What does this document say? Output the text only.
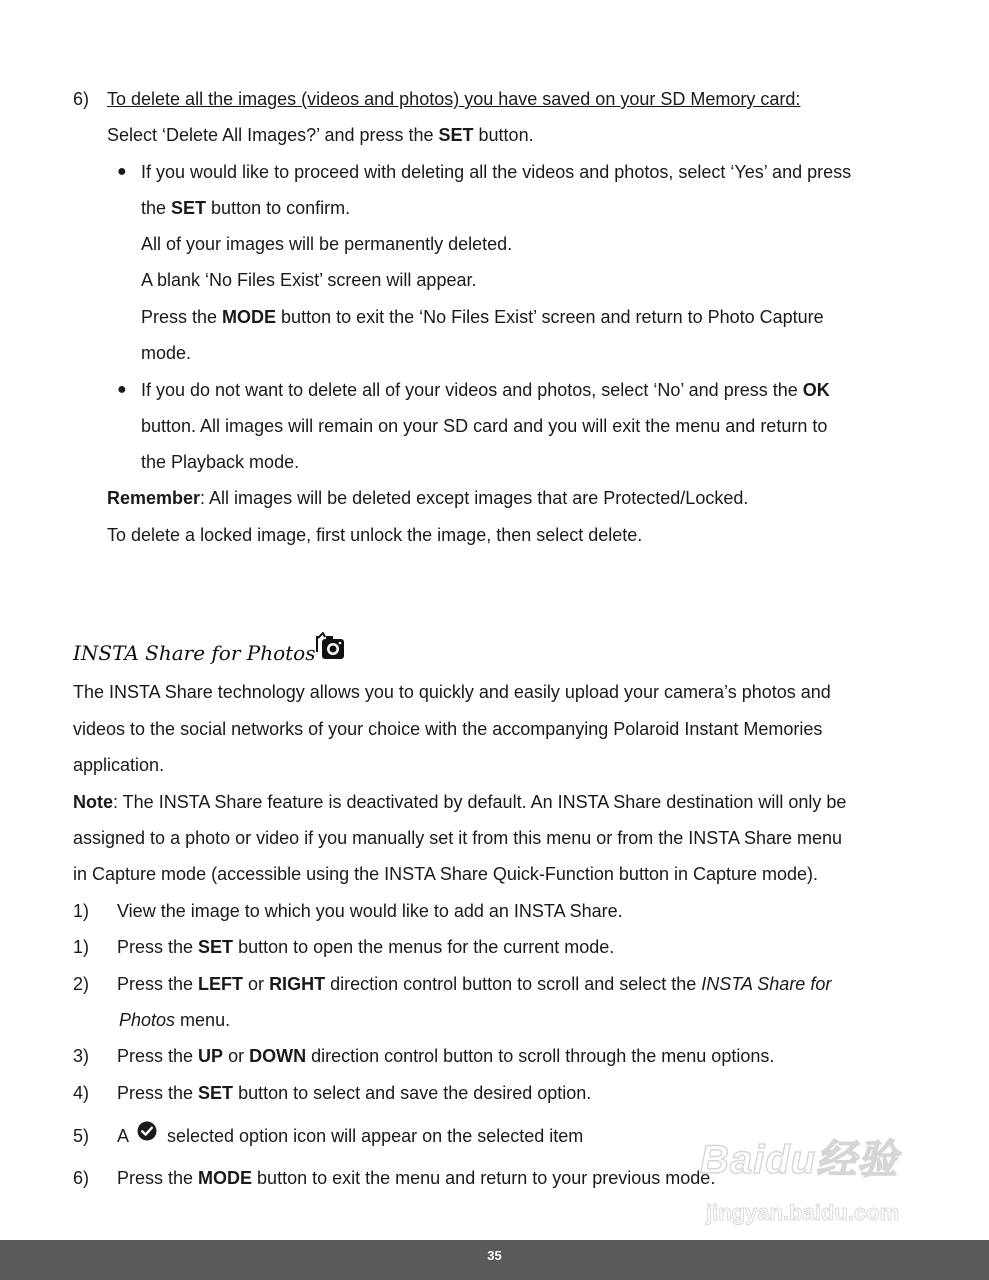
6) To delete all the images (videos and photos) you have saved on your SD Memory card:
Select ‘Delete All Images?’ and press the SET button.
● If you would like to proceed with deleting all the videos and photos, select ‘Yes’ and press
the SET button to confirm.
All of your images will be permanently deleted.
A blank ‘No Files Exist’ screen will appear.
Press the MODE button to exit the ‘No Files Exist’ screen and return to Photo Capture
mode.
● If you do not want to delete all of your videos and photos, select ‘No’ and press the OK
button. All images will remain on your SD card and you will exit the menu and return to
the Playback mode.
Remember: All images will be deleted except images that are Protected/Locked.
To delete a locked image, first unlock the image, then select delete.
INSTA Share for Photos
The INSTA Share technology allows you to quickly and easily upload your camera’s photos and
videos to the social networks of your choice with the accompanying Polaroid Instant Memories
application.
Note: The INSTA Share feature is deactivated by default. An INSTA Share destination will only be
assigned to a photo or video if you manually set it from this menu or from the INSTA Share menu
in Capture mode (accessible using the INSTA Share Quick-Function button in Capture mode).
1) View the image to which you would like to add an INSTA Share.
1) Press the SET button to open the menus for the current mode.
2) Press the LEFT or RIGHT direction control button to scroll and select the INSTA Share for
Photos menu.
3) Press the UP or DOWN direction control button to scroll through the menu options.
4) Press the SET button to select and save the desired option.
5) A selected option icon will appear on the selected item
6) Press the MODE button to exit the menu and return to your previous mode.
Baidu经验
jingyan.baidu.com
35
